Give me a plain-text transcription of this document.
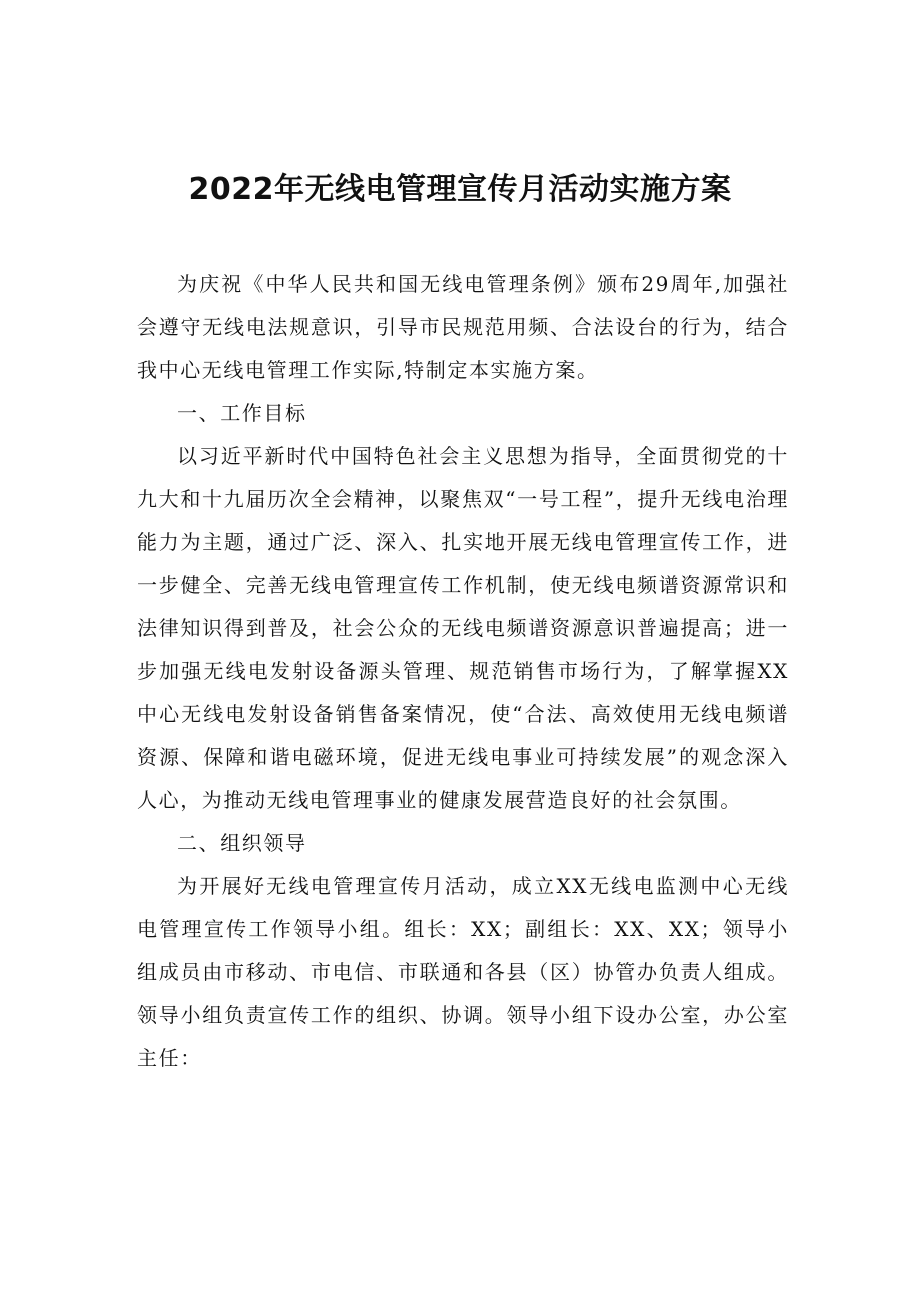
2022年无线电管理宣传月活动实施方案

为庆祝《中华人民共和国无线电管理条例》颁布29周年,加强社会遵守无线电法规意识，引导市民规范用频、合法设台的行为，结合我中心无线电管理工作实际,特制定本实施方案。

一、工作目标

以习近平新时代中国特色社会主义思想为指导，全面贯彻党的十九大和十九届历次全会精神，以聚焦双“一号工程”，提升无线电治理能力为主题，通过广泛、深入、扎实地开展无线电管理宣传工作，进一步健全、完善无线电管理宣传工作机制，使无线电频谱资源常识和法律知识得到普及，社会公众的无线电频谱资源意识普遍提高；进一步加强无线电发射设备源头管理、规范销售市场行为，了解掌握XX中心无线电发射设备销售备案情况，使“合法、高效使用无线电频谱资源、保障和谐电磁环境，促进无线电事业可持续发展”的观念深入人心，为推动无线电管理事业的健康发展营造良好的社会氛围。

二、组织领导

为开展好无线电管理宣传月活动，成立XX无线电监测中心无线电管理宣传工作领导小组。组长：XX；副组长：XX、XX；领导小组成员由市移动、市电信、市联通和各县（区）协管办负责人组成。领导小组负责宣传工作的组织、协调。领导小组下设办公室，办公室主任：
